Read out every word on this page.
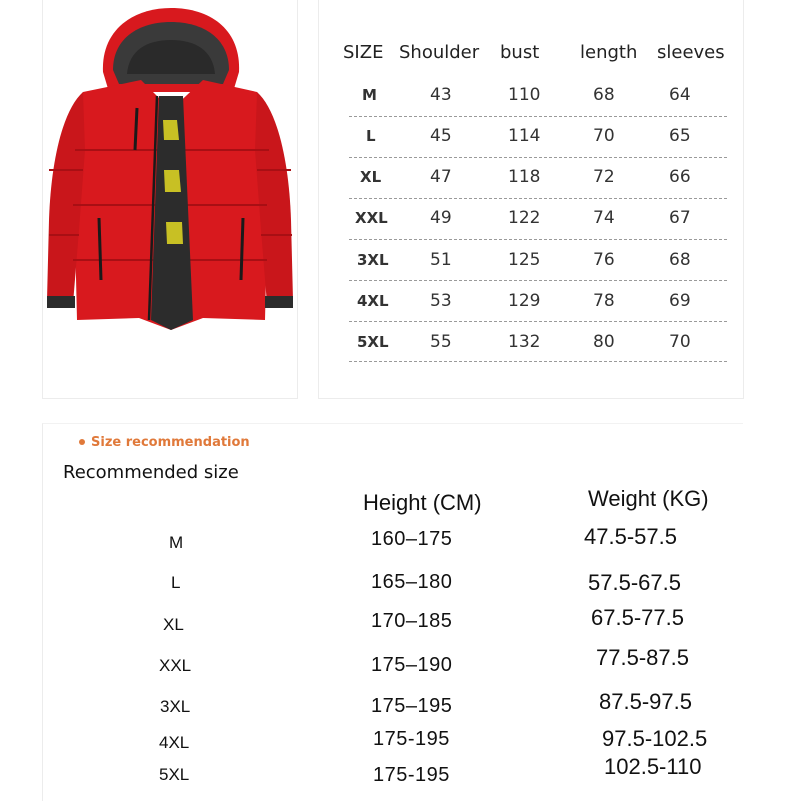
SIZE Shoulder bust length sleeves
M	43	110	68	64
L	45	114	70	65
XL	47	118	72	66
XXL 49	122	74	67
3XL 51	125	76	68
4XL 53	129	78	69
5XL 55	132	80	70
Size recommendation
Recommended size
Height (CM)	Weight (KG)
M	160–175	47.5-57.5
L	165–180	57.5-67.5
XL	170–185	67.5-77.5
XXL	175–190	77.5-87.5
3XL	175–195	87.5-97.5
4XL	175-195	97.5-102.5
5XL	175-195	102.5-110
